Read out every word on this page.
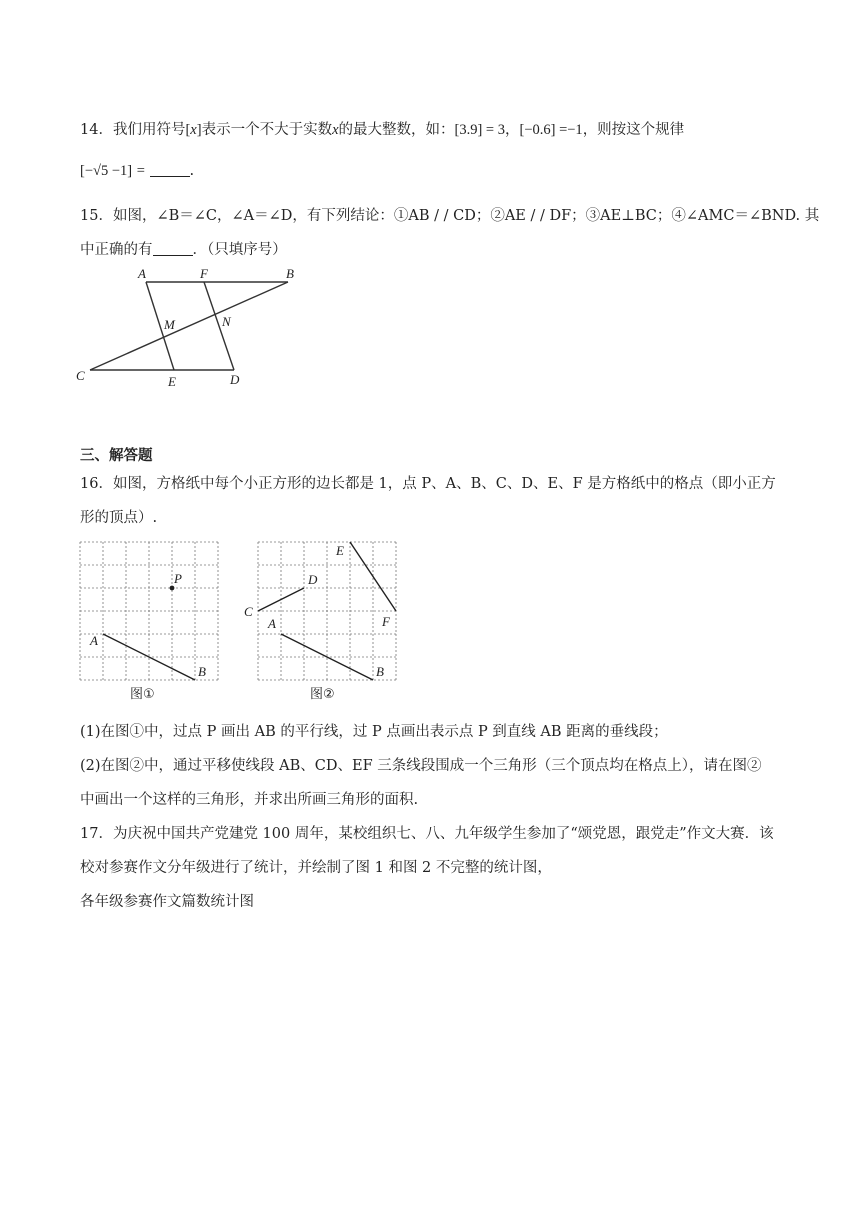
14．我们用符号[x]表示一个不大于实数x的最大整数，如：[3.9] = 3，[−0.6] =−1，则按这个规律
[−√5 −1] =	.
15．如图，∠B＝∠C，∠A＝∠D，有下列结论：①AB / / CD；②AE / / DF；③AE⊥BC；④∠AMC＝∠BND. 其
中正确的有	．（只填序号）
A	F	B
M	N
C	E	D
三、解答题
16．如图，方格纸中每个小正方形的边长都是 1，点 P、A、B、C、D、E、F 是方格纸中的格点（即小正方
形的顶点）.
P
A
B
图①
E
D
C
F
A
B
图②
(1)在图①中，过点 P 画出 AB 的平行线，过 P 点画出表示点 P 到直线 AB 距离的垂线段；
(2)在图②中，通过平移使线段 AB、CD、EF 三条线段围成一个三角形（三个顶点均在格点上），请在图②
中画出一个这样的三角形，并求出所画三角形的面积.
17．为庆祝中国共产党建党 100 周年，某校组织七、八、九年级学生参加了“颂党恩，跟党走”作文大赛．该
校对参赛作文分年级进行了统计，并绘制了图 1 和图 2 不完整的统计图，
各年级参赛作文篇数统计图
